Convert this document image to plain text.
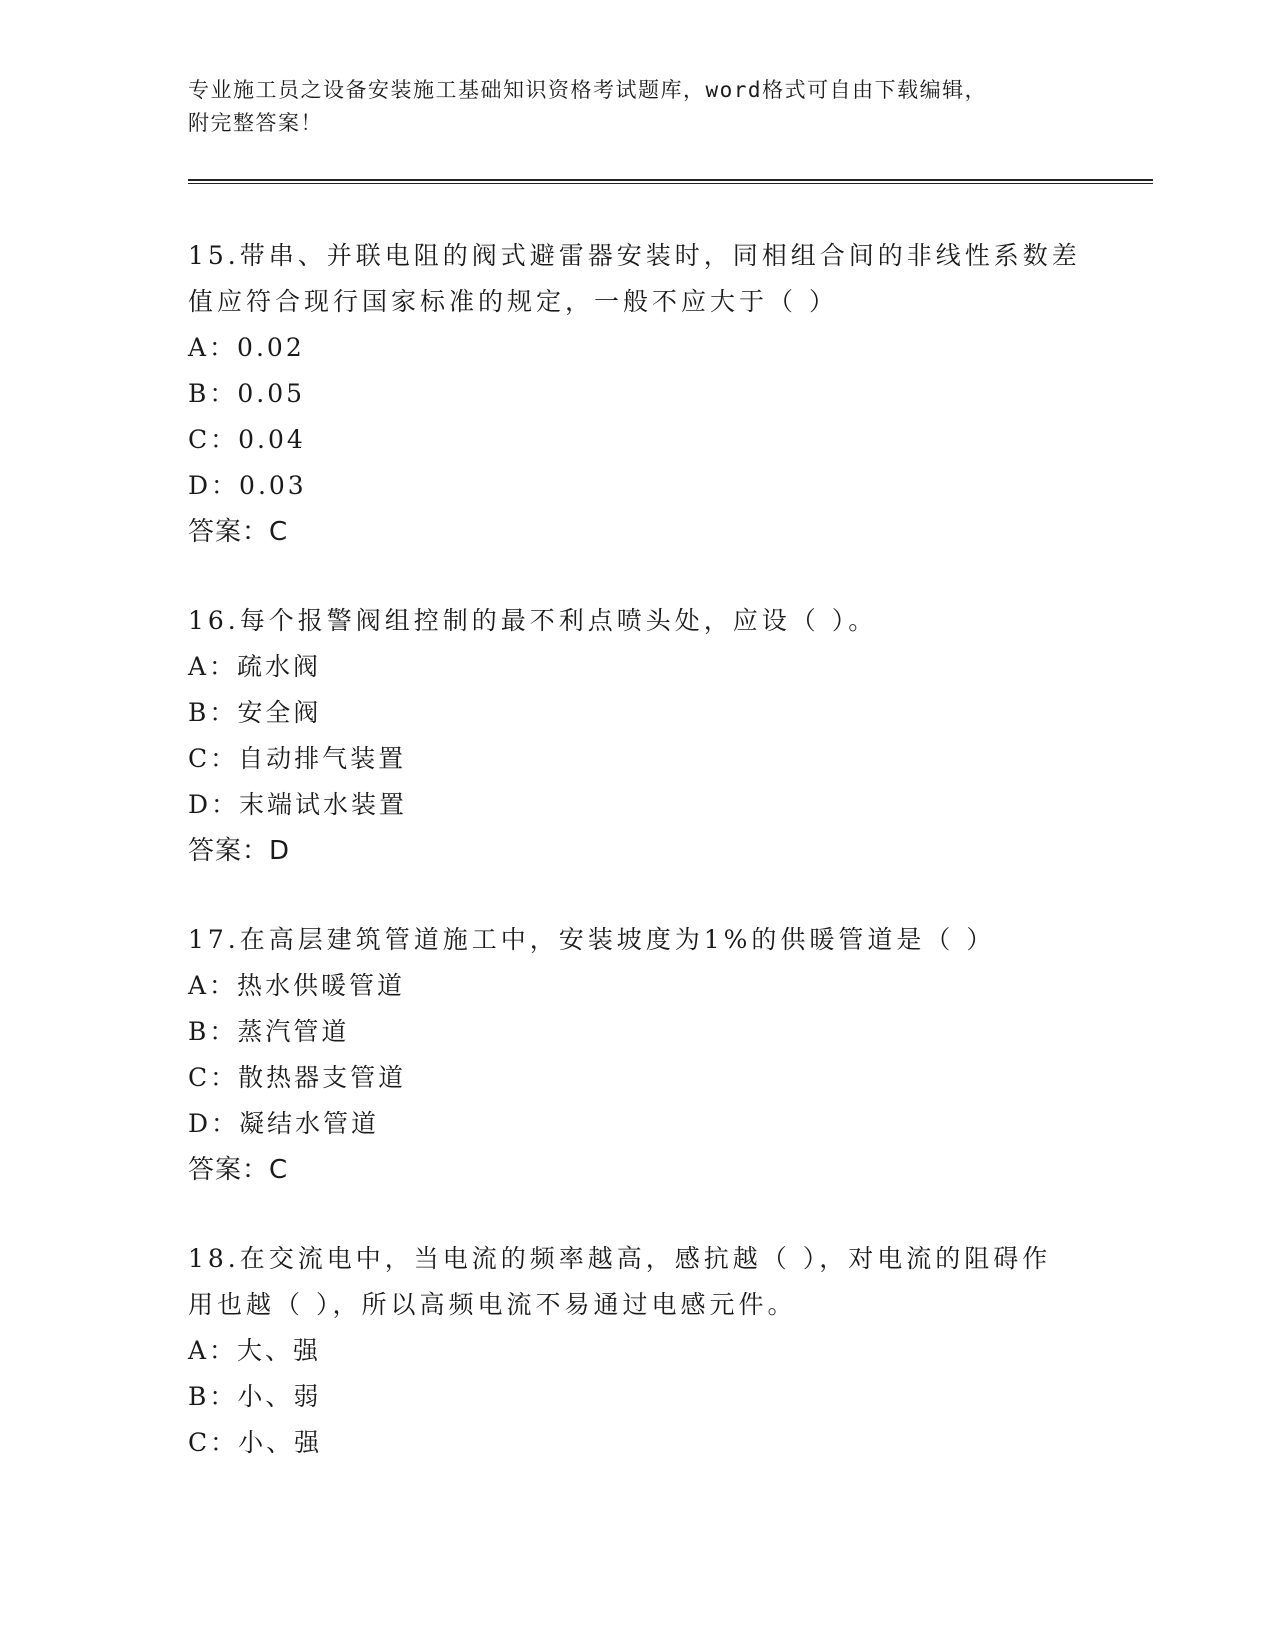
专业施工员之设备安装施工基础知识资格考试题库，word格式可自由下载编辑，
附完整答案！
15.带串、并联电阻的阀式避雷器安装时，同相组合间的非线性系数差
值应符合现行国家标准的规定，一般不应大于（ ）
A：0.02
B：0.05
C：0.04
D：0.03
答案：C
16.每个报警阀组控制的最不利点喷头处，应设（ ）。
A：疏水阀
B：安全阀
C：自动排气装置
D：末端试水装置
答案：D
17.在高层建筑管道施工中，安装坡度为1%的供暖管道是（ ）
A：热水供暖管道
B：蒸汽管道
C：散热器支管道
D：凝结水管道
答案：C
18.在交流电中，当电流的频率越高，感抗越（ ），对电流的阻碍作
用也越（ ），所以高频电流不易通过电感元件。
A：大、强
B：小、弱
C：小、强
